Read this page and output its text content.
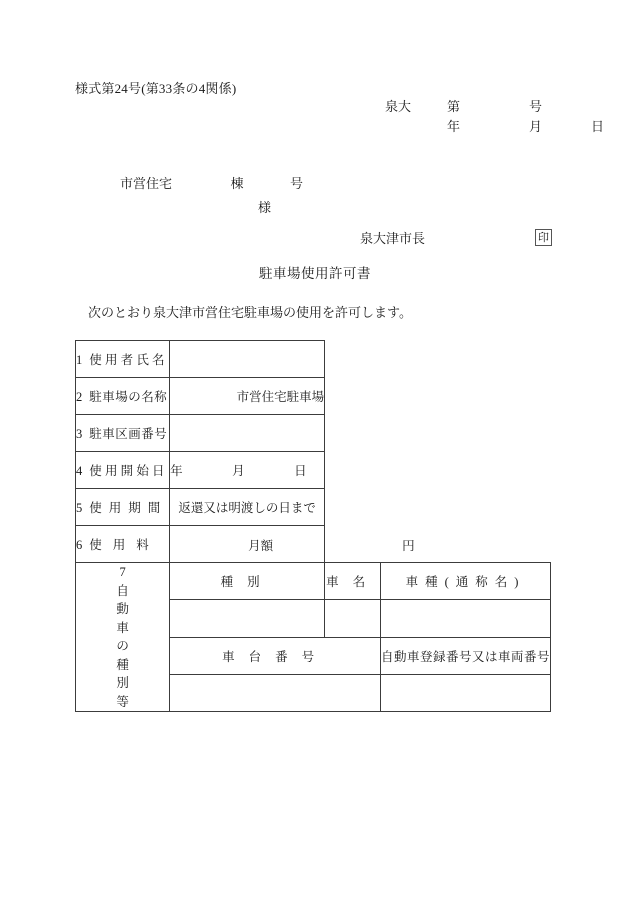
様式第24号(第33条の4関係)
泉大	第	号
年	月	日
市営住宅	棟	号
様
泉大津市長	印
駐車場使用許可書
次のとおり泉大津市営住宅駐車場の使用を許可します。
1 使用者氏名			
2 駐車場の名称	市営住宅駐車場		
3 駐車区画番号			
4 使用開始日	年 月 日		

5 使用期間	返還又は明渡しの日まで		
6 使用料	月額 円		

7
自
動
車
の
種
別
等
	種別	車名	車種(通称名)

	車台番号		自動車登録番号又は車両番号
